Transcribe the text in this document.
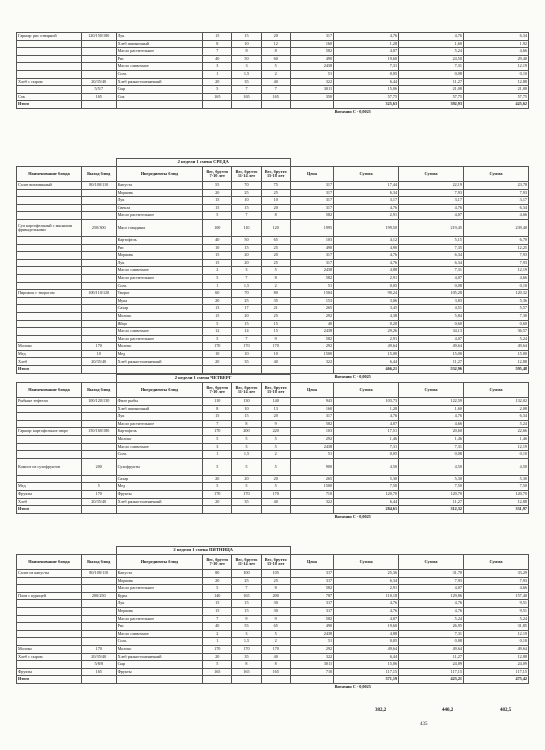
Гарнир: рис отварной	120/150/180	Лук	15	15	20	317	4,76	4,76	6,34
		Хлеб пшеничный	8	10	12	160	1,28	1,60	1,92
		Масло растительное	7	8	8	582	4,07	5,24	4,66
		Рис	40	50	60	490	19,60	24,50	29,40
		Масло сливочное	3	3	5	2438	7,31	7,31	12,19
		Соль	1	1,5	2	51	0,05	0,08	0,10
Хлеб с сыром	20/35/40	Хлеб ржано-пшеничный	20	35	40	322	6,44	11,27	12,88
	5/5/7	Сыр	5	7	7	3011	15,06	21,08	21,08
Сок	165	Сок	165	165	165	350	57,75	57,75	57,75
Итого							325,63	392,93	425,62
							Витамин С - 0,0025		
		2 недели 1 смена СРЕДА							
Наименование блюда	Выход блюд	Ингредиенты блюд	Вес, брутто 7-10 лет	Вес, брутто 11-14 лет	Вес, брутто 15-18 лет	Цена	Сумма	Сумма	Сумма
Салат витаминный	80/100/110	Капуста	55	70	75	317	17,44	22,19	23,78
		Морковь	20	25	25	317	6,34	7,93	7,93
		Лук	15	10	10	317	3,17	3,17	3,17
		Свекла	15	15	20	317	4,76	4,76	6,34
		Масло растительное	5	7	8	582	2,91	4,07	4,66
Суп картофельный с мясными фрикадельками	250/300	Мясо говядины	100	110	120	1995	199,50	219,45	239,40
		Картофель	40	50	65	103	4,12	5,15	6,70
		Рис	10	15	25	490	4,90	7,35	12,25
		Морковь	15	20	20	317	4,76	6,34	7,93
		Лук	15	20	25	317	4,76	6,34	7,93
		Масло сливочное	2	3	5	2438	4,88	7,31	12,19
		Масло растительное	5	7	8	582	2,91	4,07	4,66
		Соль	1	1,5	2	51	0,05	0,08	0,10
Пирожок с творогом	100/110/120	Творог	60	70	80	1504	90,24	105,28	120,32
		Мука	20	25	35	153	3,06	3,83	5,36
		Сахар	13	17	21	265	3,45	4,51	5,57
		Молоко	15	20	25	292	4,38	5,84	7,30
		Яйцо	5	15	15	40	0,20	0,60	0,60
		Масло сливочное	12	14	15	2438	29,26	34,13	36,57
		Масло растительное	5	7	9	582	2,91	4,07	5,24
Молоко	170	Молоко	170	170	170	292	49,64	49,64	49,64
Мед	10	Мед	10	10	10	1500	15,00	15,00	15,00
Хлеб	20/35/40	Хлеб ржано-пшеничный	20	35	40	322	6,44	11,27	12,88
Итого							466,21	532,96	595,48
							Витамин С - 0,0025		
		2 недели 1 смена ЧЕТВЕРГ							
Наименование блюда	Выход блюд	Ингредиенты блюд	Вес, брутто 7-10 лет	Вес, брутто 11-14 лет	Вес, брутто 15-18 лет	Цена	Сумма	Сумма	Сумма
Рыбные тефтели	100/120/130	Филе рыбы	110	130	140	943	103,73	122,59	132,02
		Хлеб пшеничный	8	10	13	160	1,28	1,60	2,08
		Лук	15	15	20	317	4,76	4,76	6,34
		Масло растительное	7	8	9	582	4,07	4,66	5,24
Гарнир: картофельное пюре	150/160/180	Картофель	170	200	220	103	17,51	20,60	22,66
		Молоко	5	5	5	292	1,46	1,46	1,46
		Масло сливочное	3	3	5	2438	7,31	7,31	12,19
		Соль	1	1,5	2	51	0,05	0,08	0,10
Компот из сухофруктов	200	Сухофрукты	5	5	5	900	4,50	4,50	4,50
		Сахар	20	20	20	265	5,30	5,30	5,30
Мед	5	Мед	5	5	5	1500	7,50	7,50	7,50
Фрукты	170	Фрукты	170	170	170	710	120,70	120,70	120,70
Хлеб	20/35/40	Хлеб ржано-пшеничный	20	35	40	322	6,44	11,27	12,88
Итого							284,61	312,32	331,97
							Витамин С - 0,0025		
		2 недели 1 смена ПЯТНИЦА							
Наименование блюда	Выход блюд	Ингредиенты блюд	Вес, брутто 7-10 лет	Вес, брутто 11-14 лет	Вес, брутто 15-18 лет	Цена	Сумма	Сумма	Сумма
Салат из капусты	80/100/110	Капуста	80	100	105	317	25,36	31,70	33,29
		Морковь	20	25	25	317	6,34	7,93	7,93
		Масло растительное	5	7	8	582	2,91	4,07	4,66
Плов с курицей	200/250	Куры	140	165	200	787	110,18	129,86	157,40
		Лук	15	15	30	317	4,76	4,76	9,51
		Морковь	15	15	30	317	4,76	4,76	9,51
		Масло растительное	7	9	9	582	4,07	5,24	5,24
		Рис	40	55	65	490	19,60	26,95	31,85
		Масло сливочное	2	3	5	2438	4,88	7,31	12,19
		Соль	1	1,5	2	51	0,05	0,08	0,10
Молоко	170	Молоко	170	170	170	292	49,64	49,64	49,64
Хлеб с сыром	20/35/40	Хлеб ржано-пшеничный	20	35	40	322	6,44	11,27	12,88
	5/8/8	Сыр	5	8	8	3011	15,06	24,09	24,09
Фрукты	165	Фрукты	165	165	165	710	117,15	117,15	117,15
Итого							371,19	423,21	475,42
							Витамин С - 0,0025		
382,2	440,2	482,5
435
